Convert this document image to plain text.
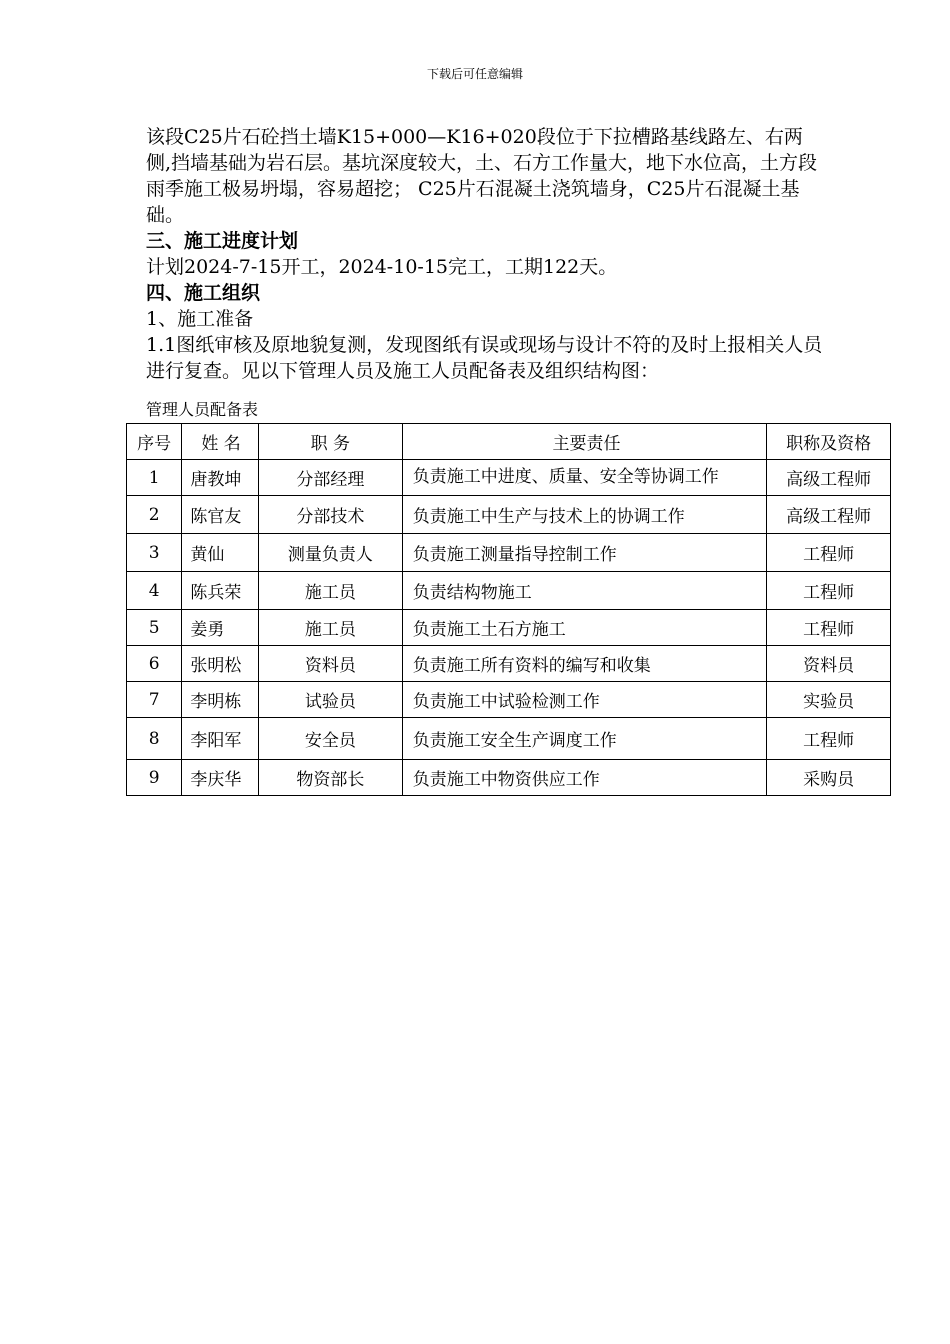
下载后可任意编辑

该段C25片石砼挡土墙K15+000—K16+020段位于下拉槽路基线路左、右两侧,挡墙基础为岩石层。基坑深度较大，土、石方工作量大，地下水位高，土方段雨季施工极易坍塌，容易超挖； C25片石混凝土浇筑墙身，C25片石混凝土基础。

三、施工进度计划

计划2024-7-15开工，2024-10-15完工，工期122天。

四、施工组织

1、施工准备

1.1图纸审核及原地貌复测，发现图纸有误或现场与设计不符的及时上报相关人员进行复查。见以下管理人员及施工人员配备表及组织结构图：

管理人员配备表
序号	姓 名	职 务	主要责任	职称及资格
1	唐教坤	分部经理	负责施工中进度、质量、安全等协调工作	高级工程师
2	陈官友	分部技术	负责施工中生产与技术上的协调工作	高级工程师
3	黄仙	测量负责人	负责施工测量指导控制工作	工程师
4	陈兵荣	施工员	负责结构物施工	工程师
5	姜勇	施工员	负责施工土石方施工	工程师
6	张明松	资料员	负责施工所有资料的编写和收集	资料员
7	李明栋	试验员	负责施工中试验检测工作	实验员
8	李阳军	安全员	负责施工安全生产调度工作	工程师
9	李庆华	物资部长	负责施工中物资供应工作	采购员
